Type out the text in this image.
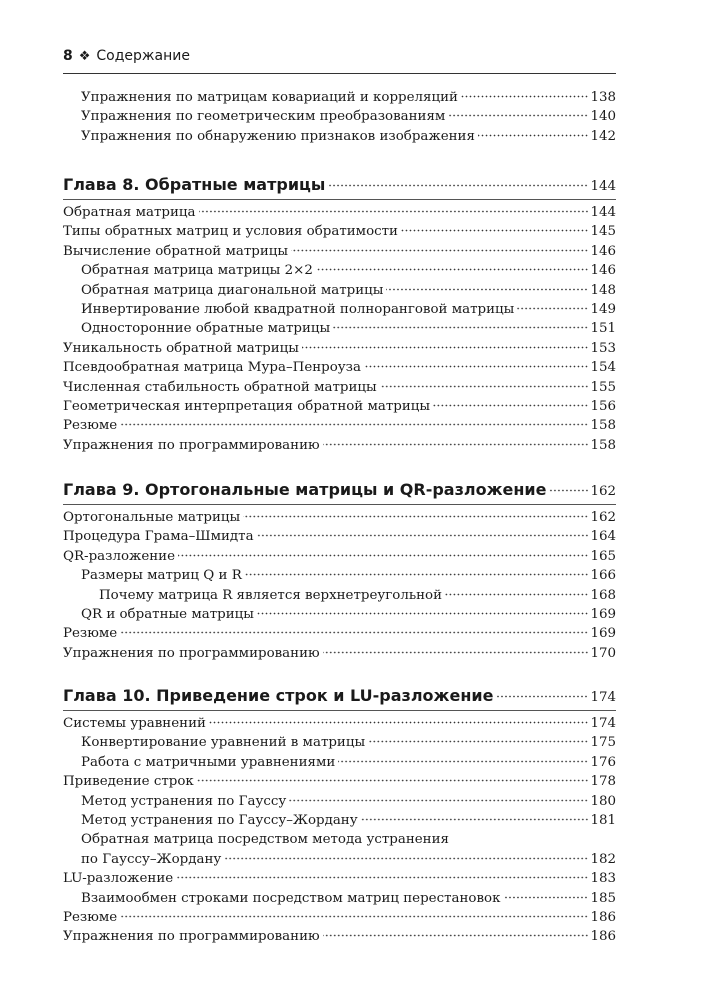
8 ❖ Содержание
Упражнения по матрицам ковариаций и корреляций	138
Упражнения по геометрическим преобразованиям	140
Упражнения по обнаружению признаков изображения	142
Глава 8. Обратные матрицы	144
Обратная матрица	144
Типы обратных матриц и условия обратимости	145
Вычисление обратной матрицы	146
Обратная матрица матрицы 2×2	146
Обратная матрица диагональной матрицы	148
Инвертирование любой квадратной полноранговой матрицы	149
Односторонние обратные матрицы	151
Уникальность обратной матрицы	153
Псевдообратная матрица Мура–Пенроуза	154
Численная стабильность обратной матрицы	155
Геометрическая интерпретация обратной матрицы	156
Резюме	158
Упражнения по программированию	158
Глава 9. Ортогональные матрицы и QR-разложение	162
Ортогональные матрицы	162
Процедура Грама–Шмидта	164
QR-разложение	165
Размеры матриц Q и R	166
Почему матрица R является верхнетреугольной	168
QR и обратные матрицы	169
Резюме	169
Упражнения по программированию	170
Глава 10. Приведение строк и LU-разложение	174
Системы уравнений	174
Конвертирование уравнений в матрицы	175
Работа с матричными уравнениями	176
Приведение строк	178
Метод устранения по Гауссу	180
Метод устранения по Гауссу–Жордану	181
Обратная матрица посредством метода устранения
по Гауссу–Жордану	182
LU-разложение	183
Взаимообмен строками посредством матриц перестановок	185
Резюме	186
Упражнения по программированию	186
